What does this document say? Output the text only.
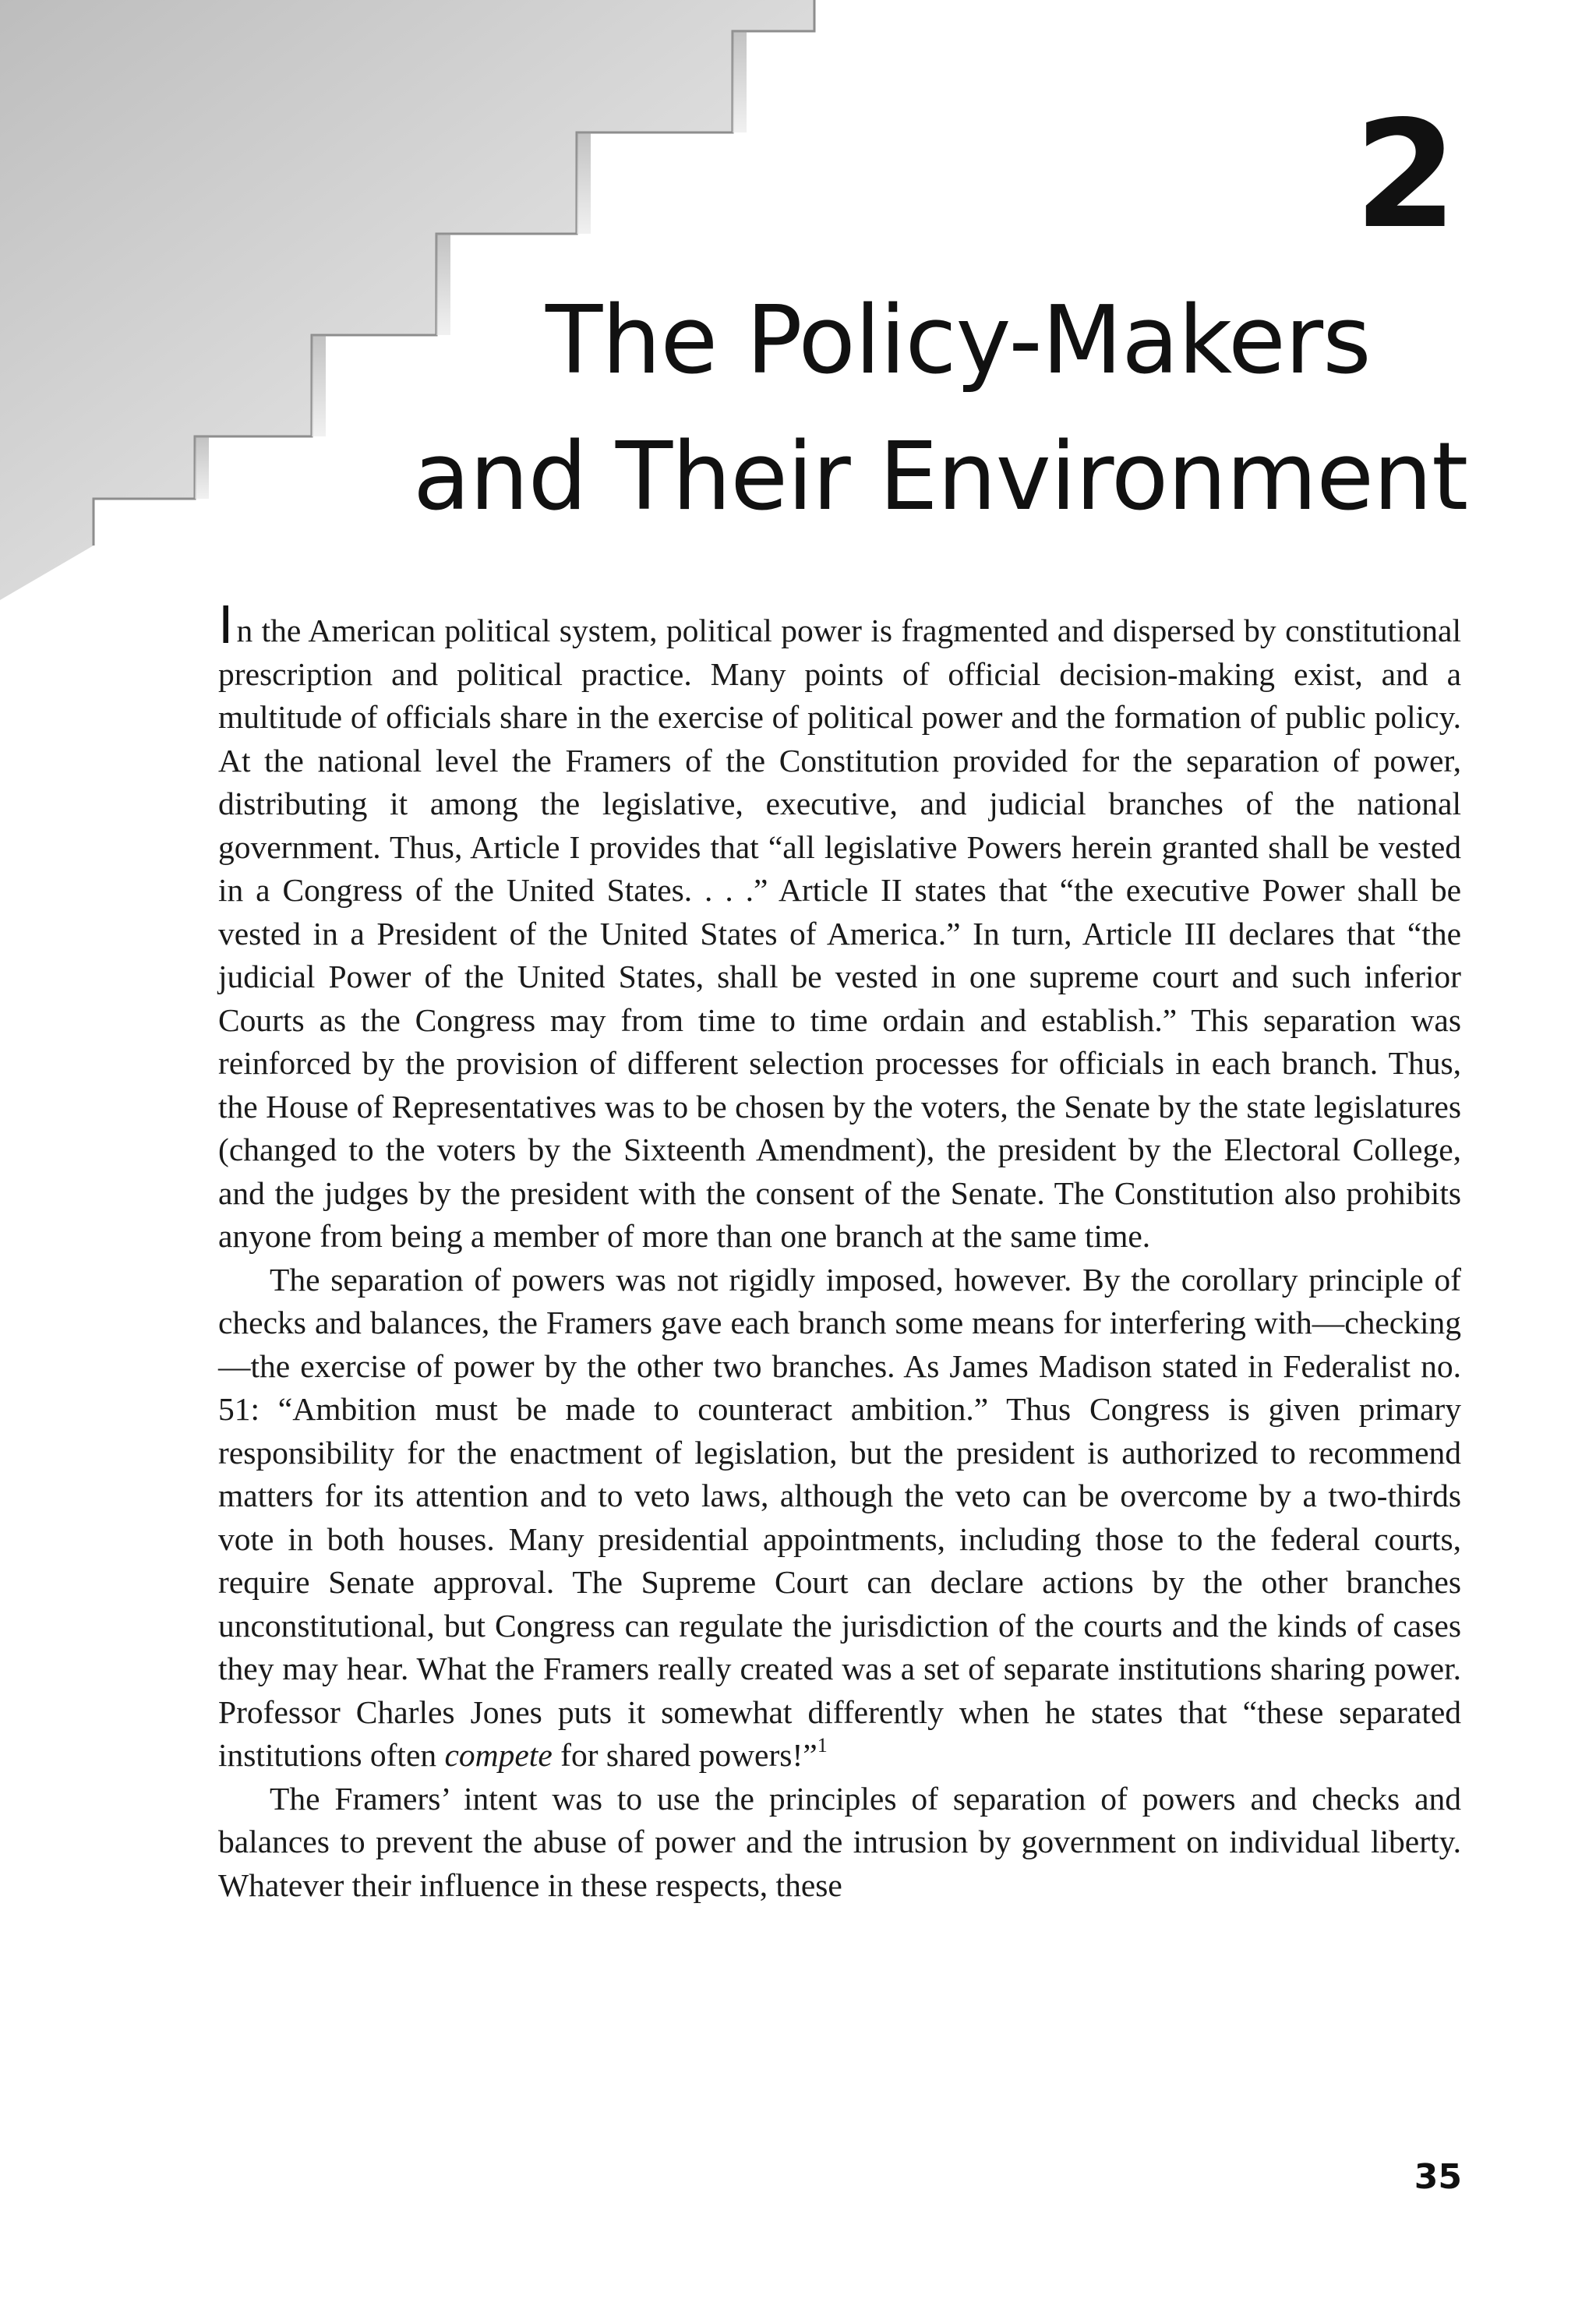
2
The Policy-Makers
and Their Environment

In the American political system, political power is fragmented and dispersed by constitutional prescription and political practice. Many points of official decision-making exist, and a multitude of officials share in the exercise of political power and the formation of public policy. At the national level the Framers of the Constitution provided for the separation of power, distributing it among the legislative, executive, and judicial branches of the national government. Thus, Article I provides that “all legislative Powers herein granted shall be vested in a Congress of the United States. . . .” Article II states that “the executive Power shall be vested in a President of the United States of America.” In turn, Article III declares that “the judicial Power of the United States, shall be vested in one supreme court and such inferior Courts as the Congress may from time to time ordain and establish.” This separation was reinforced by the provision of different selection processes for officials in each branch. Thus, the House of Representatives was to be chosen by the voters, the Senate by the state legislatures (changed to the voters by the Sixteenth Amendment), the president by the Electoral College, and the judges by the president with the consent of the Senate. The Constitution also prohibits anyone from being a member of more than one branch at the same time.

The separation of powers was not rigidly imposed, however. By the corollary principle of checks and balances, the Framers gave each branch some means for interfering with—checking—the exercise of power by the other two branches. As James Madison stated in Federalist no. 51: “Ambition must be made to counteract ambition.” Thus Congress is given primary responsibility for the enactment of legislation, but the president is authorized to recommend matters for its attention and to veto laws, although the veto can be overcome by a two-thirds vote in both houses. Many presidential appointments, including those to the federal courts, require Senate approval. The Supreme Court can declare actions by the other branches unconstitutional, but Congress can regulate the jurisdiction of the courts and the kinds of cases they may hear. What the Framers really created was a set of separate institutions sharing power. Professor Charles Jones puts it somewhat differently when he states that “these separated institutions often compete for shared powers!”$^1$

The Framers’ intent was to use the principles of separation of powers and checks and balances to prevent the abuse of power and the intrusion by government on individual liberty. Whatever their influence in these respects, these

35
